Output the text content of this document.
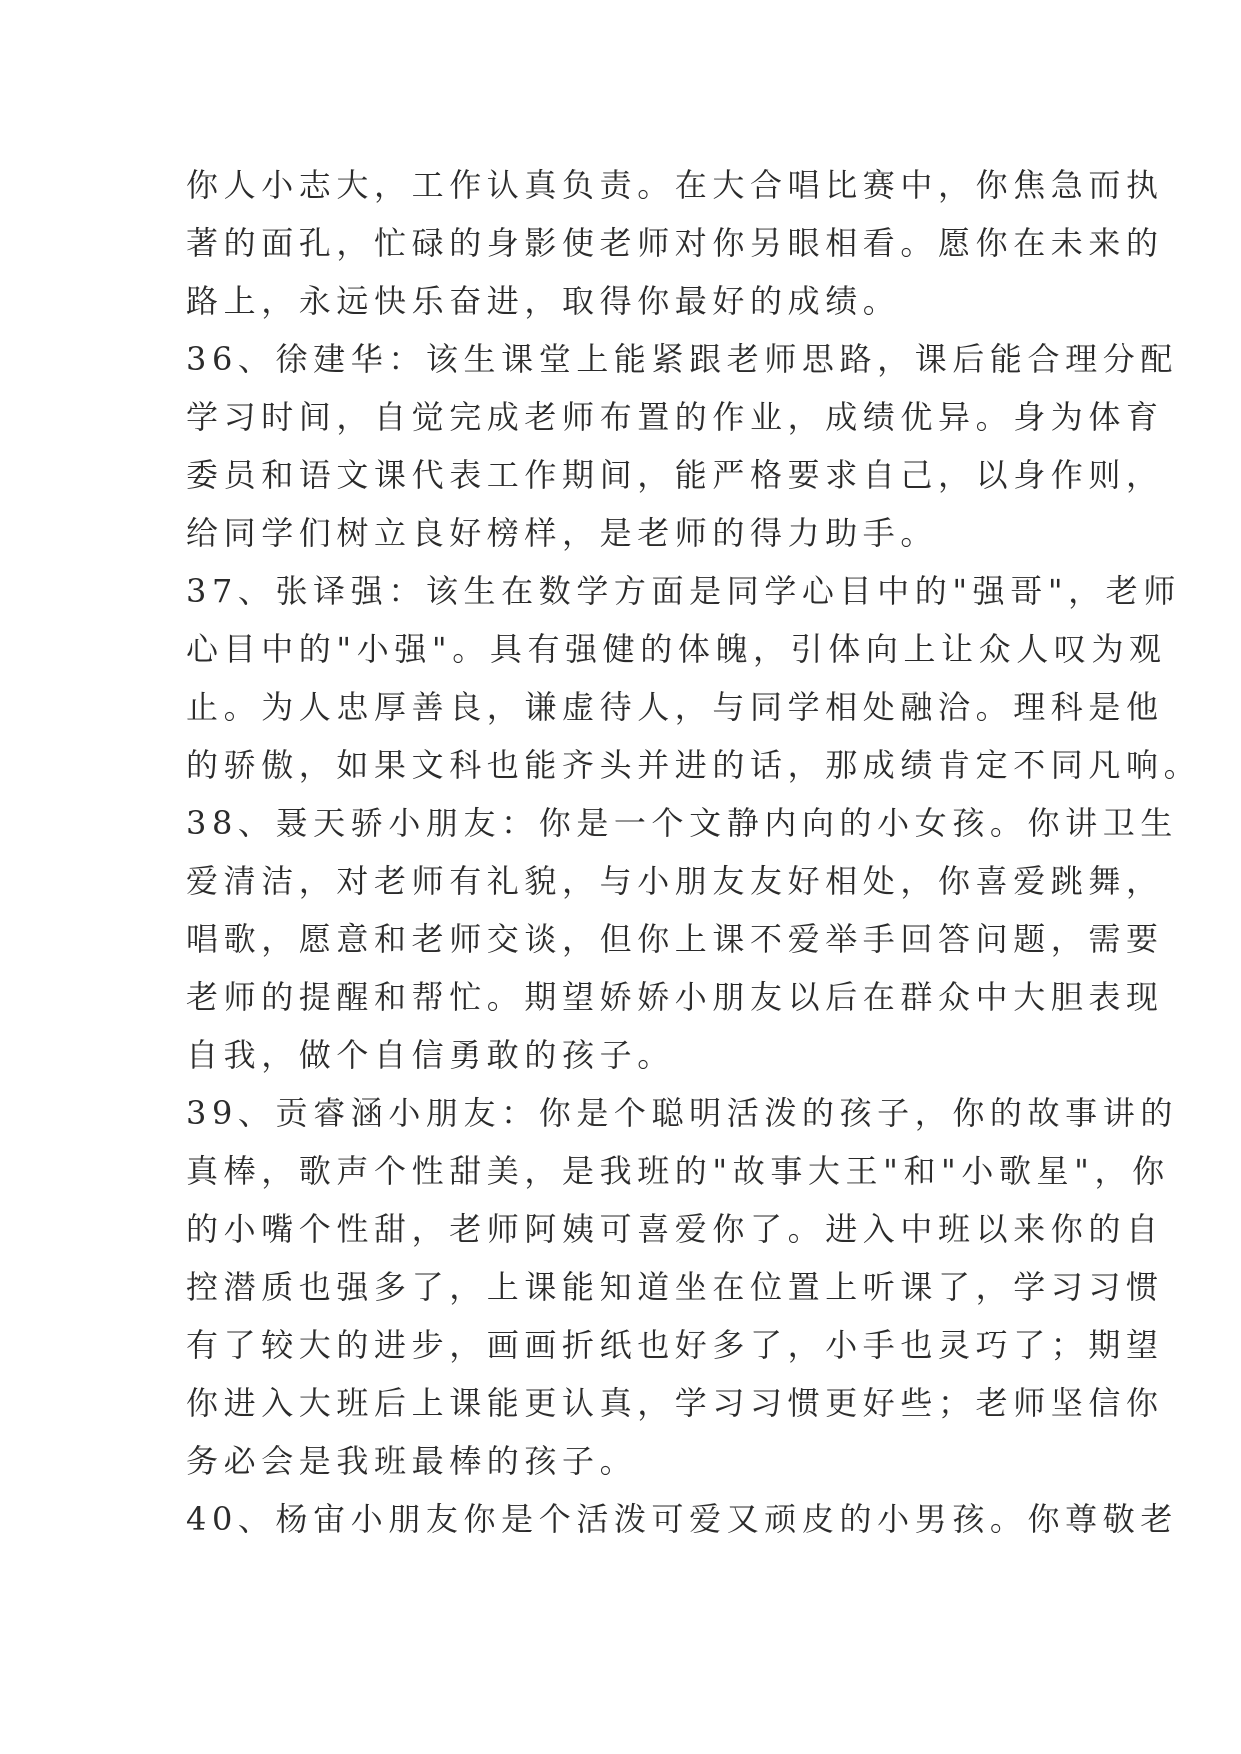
你人小志大，工作认真负责。在大合唱比赛中，你焦急而执
著的面孔，忙碌的身影使老师对你另眼相看。愿你在未来的
路上，永远快乐奋进，取得你最好的成绩。
36、徐建华：该生课堂上能紧跟老师思路，课后能合理分配
学习时间，自觉完成老师布置的作业，成绩优异。身为体育
委员和语文课代表工作期间，能严格要求自己，以身作则，
给同学们树立良好榜样，是老师的得力助手。
37、张译强：该生在数学方面是同学心目中的"强哥"，老师
心目中的"小强"。具有强健的体魄，引体向上让众人叹为观
止。为人忠厚善良，谦虚待人，与同学相处融洽。理科是他
的骄傲，如果文科也能齐头并进的话，那成绩肯定不同凡响。
38、聂天骄小朋友：你是一个文静内向的小女孩。你讲卫生
爱清洁，对老师有礼貌，与小朋友友好相处，你喜爱跳舞，
唱歌，愿意和老师交谈，但你上课不爱举手回答问题，需要
老师的提醒和帮忙。期望娇娇小朋友以后在群众中大胆表现
自我，做个自信勇敢的孩子。
39、贡睿涵小朋友：你是个聪明活泼的孩子，你的故事讲的
真棒，歌声个性甜美，是我班的"故事大王"和"小歌星"，你
的小嘴个性甜，老师阿姨可喜爱你了。进入中班以来你的自
控潜质也强多了，上课能知道坐在位置上听课了，学习习惯
有了较大的进步，画画折纸也好多了，小手也灵巧了；期望
你进入大班后上课能更认真，学习习惯更好些；老师坚信你
务必会是我班最棒的孩子。
40、杨宙小朋友你是个活泼可爱又顽皮的小男孩。你尊敬老
